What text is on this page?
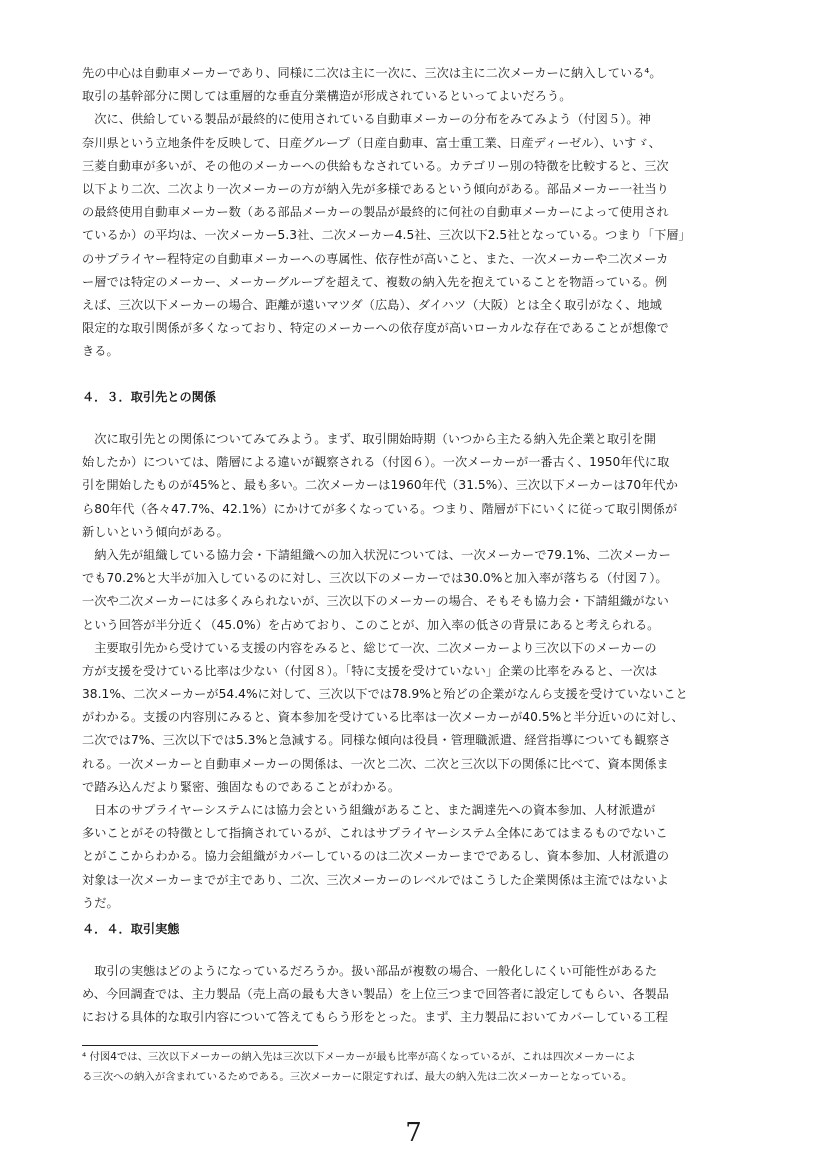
先の中心は自動車メーカーであり、同様に二次は主に一次に、三次は主に二次メーカーに納入している⁴。
取引の基幹部分に関しては重層的な垂直分業構造が形成されているといってよいだろう。
　次に、供給している製品が最終的に使用されている自動車メーカーの分布をみてみよう（付図５）。神
奈川県という立地条件を反映して、日産グループ（日産自動車、富士重工業、日産ディーゼル）、いすゞ、
三菱自動車が多いが、その他のメーカーへの供給もなされている。カテゴリー別の特徴を比較すると、三次
以下より二次、二次より一次メーカーの方が納入先が多様であるという傾向がある。部品メーカー一社当り
の最終使用自動車メーカー数（ある部品メーカーの製品が最終的に何社の自動車メーカーによって使用され
ているか）の平均は、一次メーカー5.3社、二次メーカー4.5社、三次以下2.5社となっている。つまり「下層」
のサプライヤー程特定の自動車メーカーへの専属性、依存性が高いこと、また、一次メーカーや二次メーカ
ー層では特定のメーカー、メーカーグループを超えて、複数の納入先を抱えていることを物語っている。例
えば、三次以下メーカーの場合、距離が遠いマツダ（広島）、ダイハツ（大阪）とは全く取引がなく、地域
限定的な取引関係が多くなっており、特定のメーカーへの依存度が高いローカルな存在であることが想像で
きる。
４．３．取引先との関係
　次に取引先との関係についてみてみよう。まず、取引開始時期（いつから主たる納入先企業と取引を開
始したか）については、階層による違いが観察される（付図６）。一次メーカーが一番古く、1950年代に取
引を開始したものが45%と、最も多い。二次メーカーは1960年代（31.5%）、三次以下メーカーは70年代か
ら80年代（各々47.7%、42.1%）にかけてが多くなっている。つまり、階層が下にいくに従って取引関係が
新しいという傾向がある。
　納入先が組織している協力会・下請組織への加入状況については、一次メーカーで79.1%、二次メーカー
でも70.2%と大半が加入しているのに対し、三次以下のメーカーでは30.0%と加入率が落ちる（付図７）。
一次や二次メーカーには多くみられないが、三次以下のメーカーの場合、そもそも協力会・下請組織がない
という回答が半分近く（45.0%）を占めており、このことが、加入率の低さの背景にあると考えられる。
　主要取引先から受けている支援の内容をみると、総じて一次、二次メーカーより三次以下のメーカーの
方が支援を受けている比率は少ない（付図８）。「特に支援を受けていない」企業の比率をみると、一次は
38.1%、二次メーカーが54.4%に対して、三次以下では78.9%と殆どの企業がなんら支援を受けていないこと
がわかる。支援の内容別にみると、資本参加を受けている比率は一次メーカーが40.5%と半分近いのに対し、
二次では7%、三次以下では5.3%と急減する。同様な傾向は役員・管理職派遣、経営指導についても観察さ
れる。一次メーカーと自動車メーカーの関係は、一次と二次、二次と三次以下の関係に比べて、資本関係ま
で踏み込んだより緊密、強固なものであることがわかる。
　日本のサプライヤーシステムには協力会という組織があること、また調達先への資本参加、人材派遣が
多いことがその特徴として指摘されているが、これはサプライヤーシステム全体にあてはまるものでないこ
とがここからわかる。協力会組織がカバーしているのは二次メーカーまでであるし、資本参加、人材派遣の
対象は一次メーカーまでが主であり、二次、三次メーカーのレベルではこうした企業関係は主流ではないよ
うだ。
４．４．取引実態
　取引の実態はどのようになっているだろうか。扱い部品が複数の場合、一般化しにくい可能性があるた
め、今回調査では、主力製品（売上高の最も大きい製品）を上位三つまで回答者に設定してもらい、各製品
における具体的な取引内容について答えてもらう形をとった。まず、主力製品においてカバーしている工程
⁴ 付図4では、三次以下メーカーの納入先は三次以下メーカーが最も比率が高くなっているが、これは四次メーカーによ
る三次への納入が含まれているためである。三次メーカーに限定すれば、最大の納入先は二次メーカーとなっている。
7
